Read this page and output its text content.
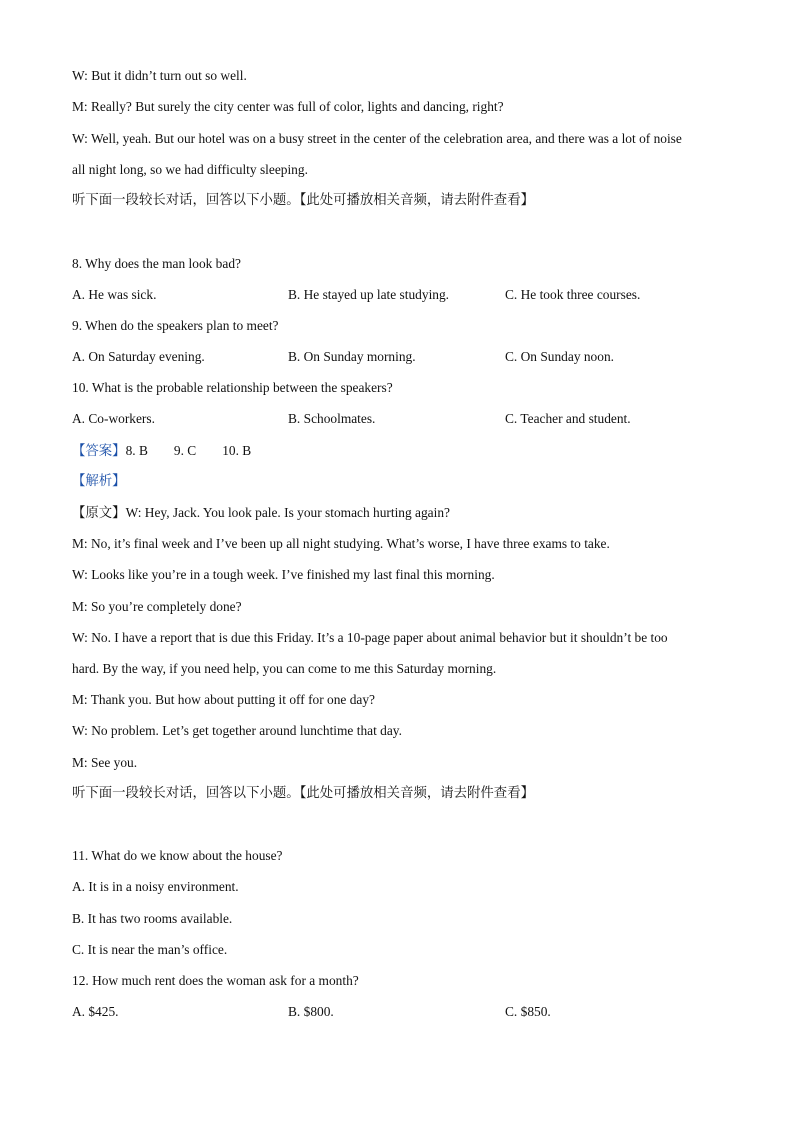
W: But it didn’t turn out so well.
M: Really? But surely the city center was full of color, lights and dancing, right?
W: Well, yeah. But our hotel was on a busy street in the center of the celebration area, and there was a lot of noise
all night long, so we had difficulty sleeping.
听下面一段较长对话，回答以下小题。【此处可播放相关音频，请去附件查看】
8. Why does the man look bad?
A. He was sick.	B. He stayed up late studying.	C. He took three courses.
9. When do the speakers plan to meet?
A. On Saturday evening.	B. On Sunday morning.	C. On Sunday noon.
10. What is the probable relationship between the speakers?
A. Co-workers.	B. Schoolmates.	C. Teacher and student.
【答案】8. B 9. C 10. B
【解析】
【原文】W: Hey, Jack. You look pale. Is your stomach hurting again?
M: No, it’s final week and I’ve been up all night studying. What’s worse, I have three exams to take.
W: Looks like you’re in a tough week. I’ve finished my last final this morning.
M: So you’re completely done?
W: No. I have a report that is due this Friday. It’s a 10-page paper about animal behavior but it shouldn’t be too
hard. By the way, if you need help, you can come to me this Saturday morning.
M: Thank you. But how about putting it off for one day?
W: No problem. Let’s get together around lunchtime that day.
M: See you.
听下面一段较长对话，回答以下小题。【此处可播放相关音频，请去附件查看】
11. What do we know about the house?
A. It is in a noisy environment.
B. It has two rooms available.
C. It is near the man’s office.
12. How much rent does the woman ask for a month?
A. $425.	B. $800.	C. $850.
